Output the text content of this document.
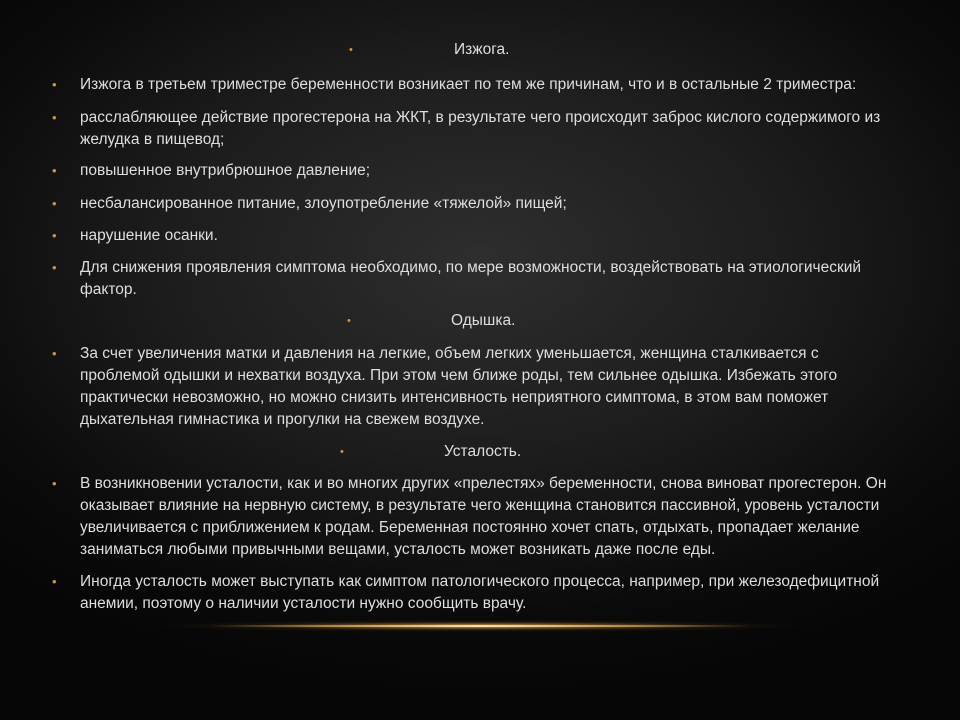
•	Изжога.
• Изжога в третьем триместре беременности возникает по тем же причинам, что и в остальные 2 триместра:
• расслабляющее действие прогестерона на ЖКТ, в результате чего происходит заброс кислого содержимого из желудка в пищевод;
• повышенное внутрибрюшное давление;
• несбалансированное питание, злоупотребление «тяжелой» пищей;
• нарушение осанки.
• Для снижения проявления симптома необходимо, по мере возможности, воздействовать на этиологический фактор.
•	Одышка.
• За счет увеличения матки и давления на легкие, объем легких уменьшается, женщина сталкивается с проблемой одышки и нехватки воздуха. При этом чем ближе роды, тем сильнее одышка. Избежать этого практически невозможно, но можно снизить интенсивность неприятного симптома, в этом вам поможет дыхательная гимнастика и прогулки на свежем воздухе.
•	Усталость.
• В возникновении усталости, как и во многих других «прелестях» беременности, снова виноват прогестерон. Он оказывает влияние на нервную систему, в результате чего женщина становится пассивной, уровень усталости увеличивается с приближением к родам. Беременная постоянно хочет спать, отдыхать, пропадает желание заниматься любыми привычными вещами, усталость может возникать даже после еды.
• Иногда усталость может выступать как симптом патологического процесса, например, при железодефицитной анемии, поэтому о наличии усталости нужно сообщить врачу.
